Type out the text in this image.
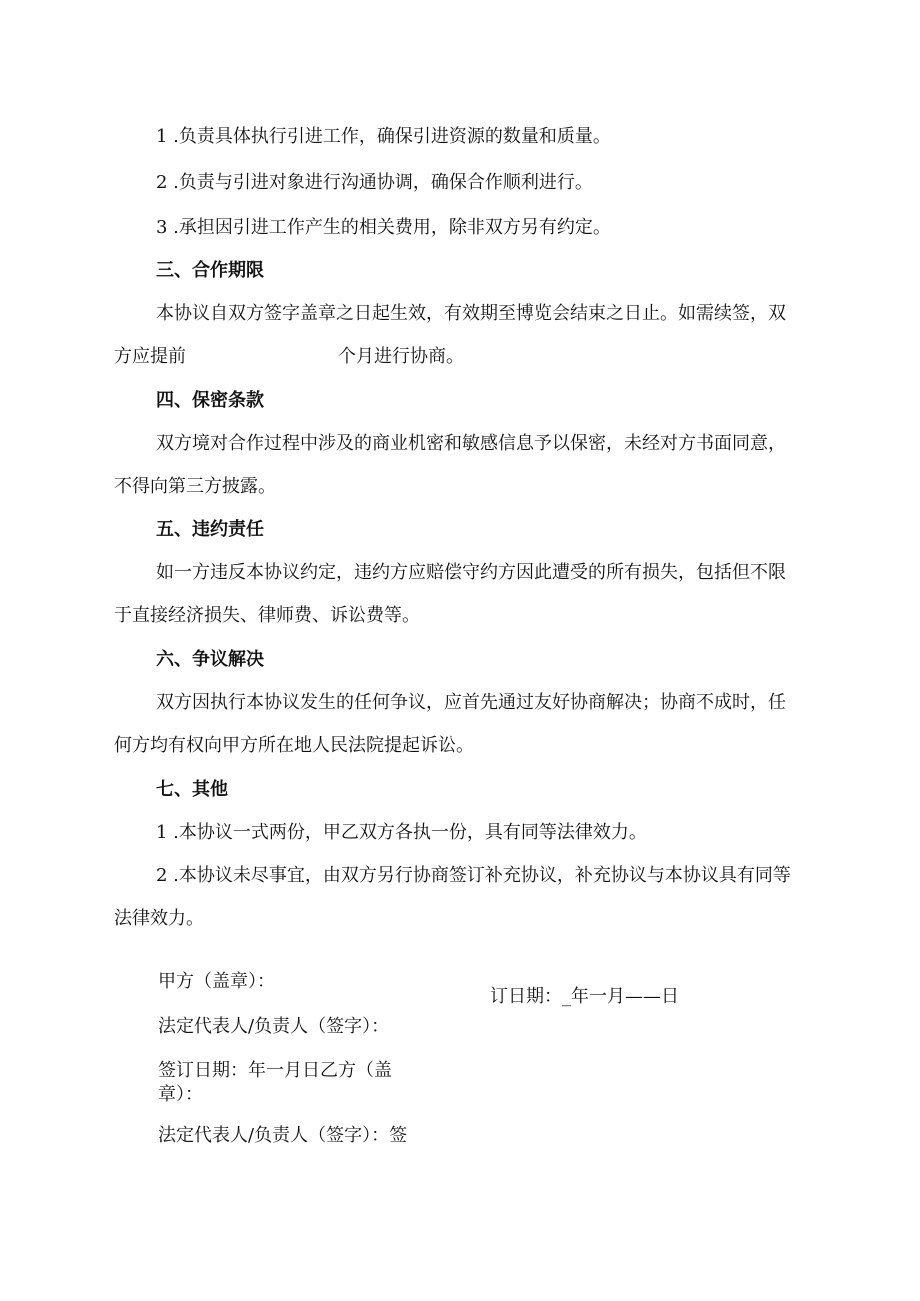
1 .负责具体执行引进工作，确保引进资源的数量和质量。
2 .负责与引进对象进行沟通协调，确保合作顺利进行。
3 .承担因引进工作产生的相关费用，除非双方另有约定。
三、合作期限
本协议自双方签字盖章之日起生效，有效期至博览会结束之日止。如需续签，双
方应提前	个月进行协商。
四、保密条款
双方境对合作过程中涉及的商业机密和敏感信息予以保密，未经对方书面同意，
不得向第三方披露。
五、违约责任
如一方违反本协议约定，违约方应赔偿守约方因此遭受的所有损失，包括但不限
于直接经济损失、律师费、诉讼费等。
六、争议解决
双方因执行本协议发生的任何争议，应首先通过友好协商解决；协商不成时，任
何方均有权向甲方所在地人民法院提起诉讼。
七、其他
1 .本协议一式两份，甲乙双方各执一份，具有同等法律效力。
2 .本协议未尽事宜，由双方另行协商签订补充协议，补充协议与本协议具有同等
法律效力。
甲方（盖章）：
订日期：_年一月——日
法定代表人/负责人（签字）：
签订日期：年一月日乙方（盖
章）：
法定代表人/负责人（签字）：签
